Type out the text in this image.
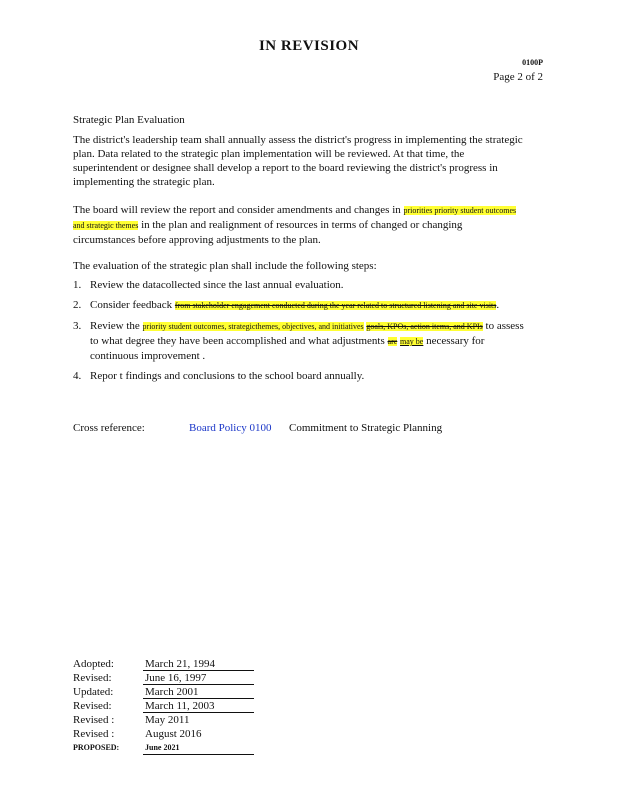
IN REVISION
0100P
Page 2 of 2
Strategic Plan Evaluation
The district's leadership team shall annually assess the district's progress in implementing the strategic plan. Data related to the strategic plan implementation will be reviewed. At that time, the superintendent or designee shall develop a report to the board reviewing the district's progress in implementing the strategic plan.
The board will review the report and consider amendments and changes in priorities priority student outcomes and strategic themes in the plan and realignment of resources in terms of changed or changing circumstances before approving adjustments to the plan.
The evaluation of the strategic plan shall include the following steps:
1. Review the datacollected since the last annual evaluation.
2. Consider feedback from stakeholder engagement conducted during the year related to structured listening and site visits.
3. Review the priority student outcomes, strategicthemes, objectives, and initiatives goals, KPOs, action items, and KPIs to assess to what degree they have been accomplished and what adjustments are may be necessary for continuous improvement .
4. Repor t findings and conclusions to the school board annually.
Cross reference:	Board Policy 0100 Commitment to Strategic Planning
Adopted:	March 21, 1994
Revised:	June 16, 1997
Updated:	March 2001
Revised:	March 11, 2003
Revised :	May 2011
Revised :	August 2016
PROPOSED:	June 2021
